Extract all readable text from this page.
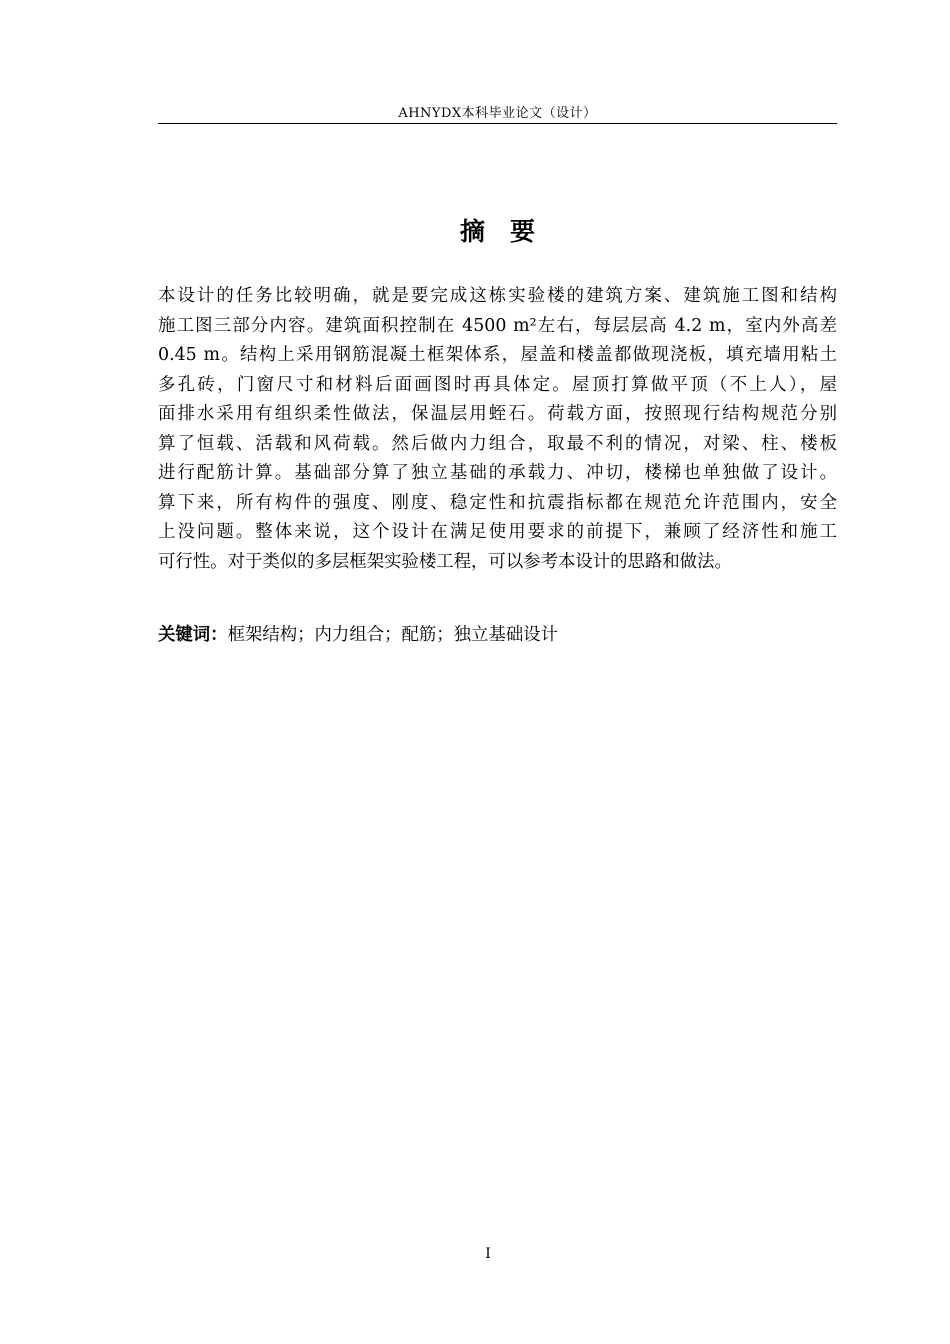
AHNYDX本科毕业论文（设计）
摘　要
本设计的任务比较明确，就是要完成这栋实验楼的建筑方案、建筑施工图和结构
施工图三部分内容。建筑面积控制在 4500 m²左右，每层层高 4.2 m，室内外高差
0.45 m。结构上采用钢筋混凝土框架体系，屋盖和楼盖都做现浇板，填充墙用粘土
多孔砖，门窗尺寸和材料后面画图时再具体定。屋顶打算做平顶（不上人），屋
面排水采用有组织柔性做法，保温层用蛭石。荷载方面，按照现行结构规范分别
算了恒载、活载和风荷载。然后做内力组合，取最不利的情况，对梁、柱、楼板
进行配筋计算。基础部分算了独立基础的承载力、冲切，楼梯也单独做了设计。
算下来，所有构件的强度、刚度、稳定性和抗震指标都在规范允许范围内，安全
上没问题。整体来说，这个设计在满足使用要求的前提下，兼顾了经济性和施工
可行性。对于类似的多层框架实验楼工程，可以参考本设计的思路和做法。
关键词：框架结构；内力组合；配筋；独立基础设计
I
